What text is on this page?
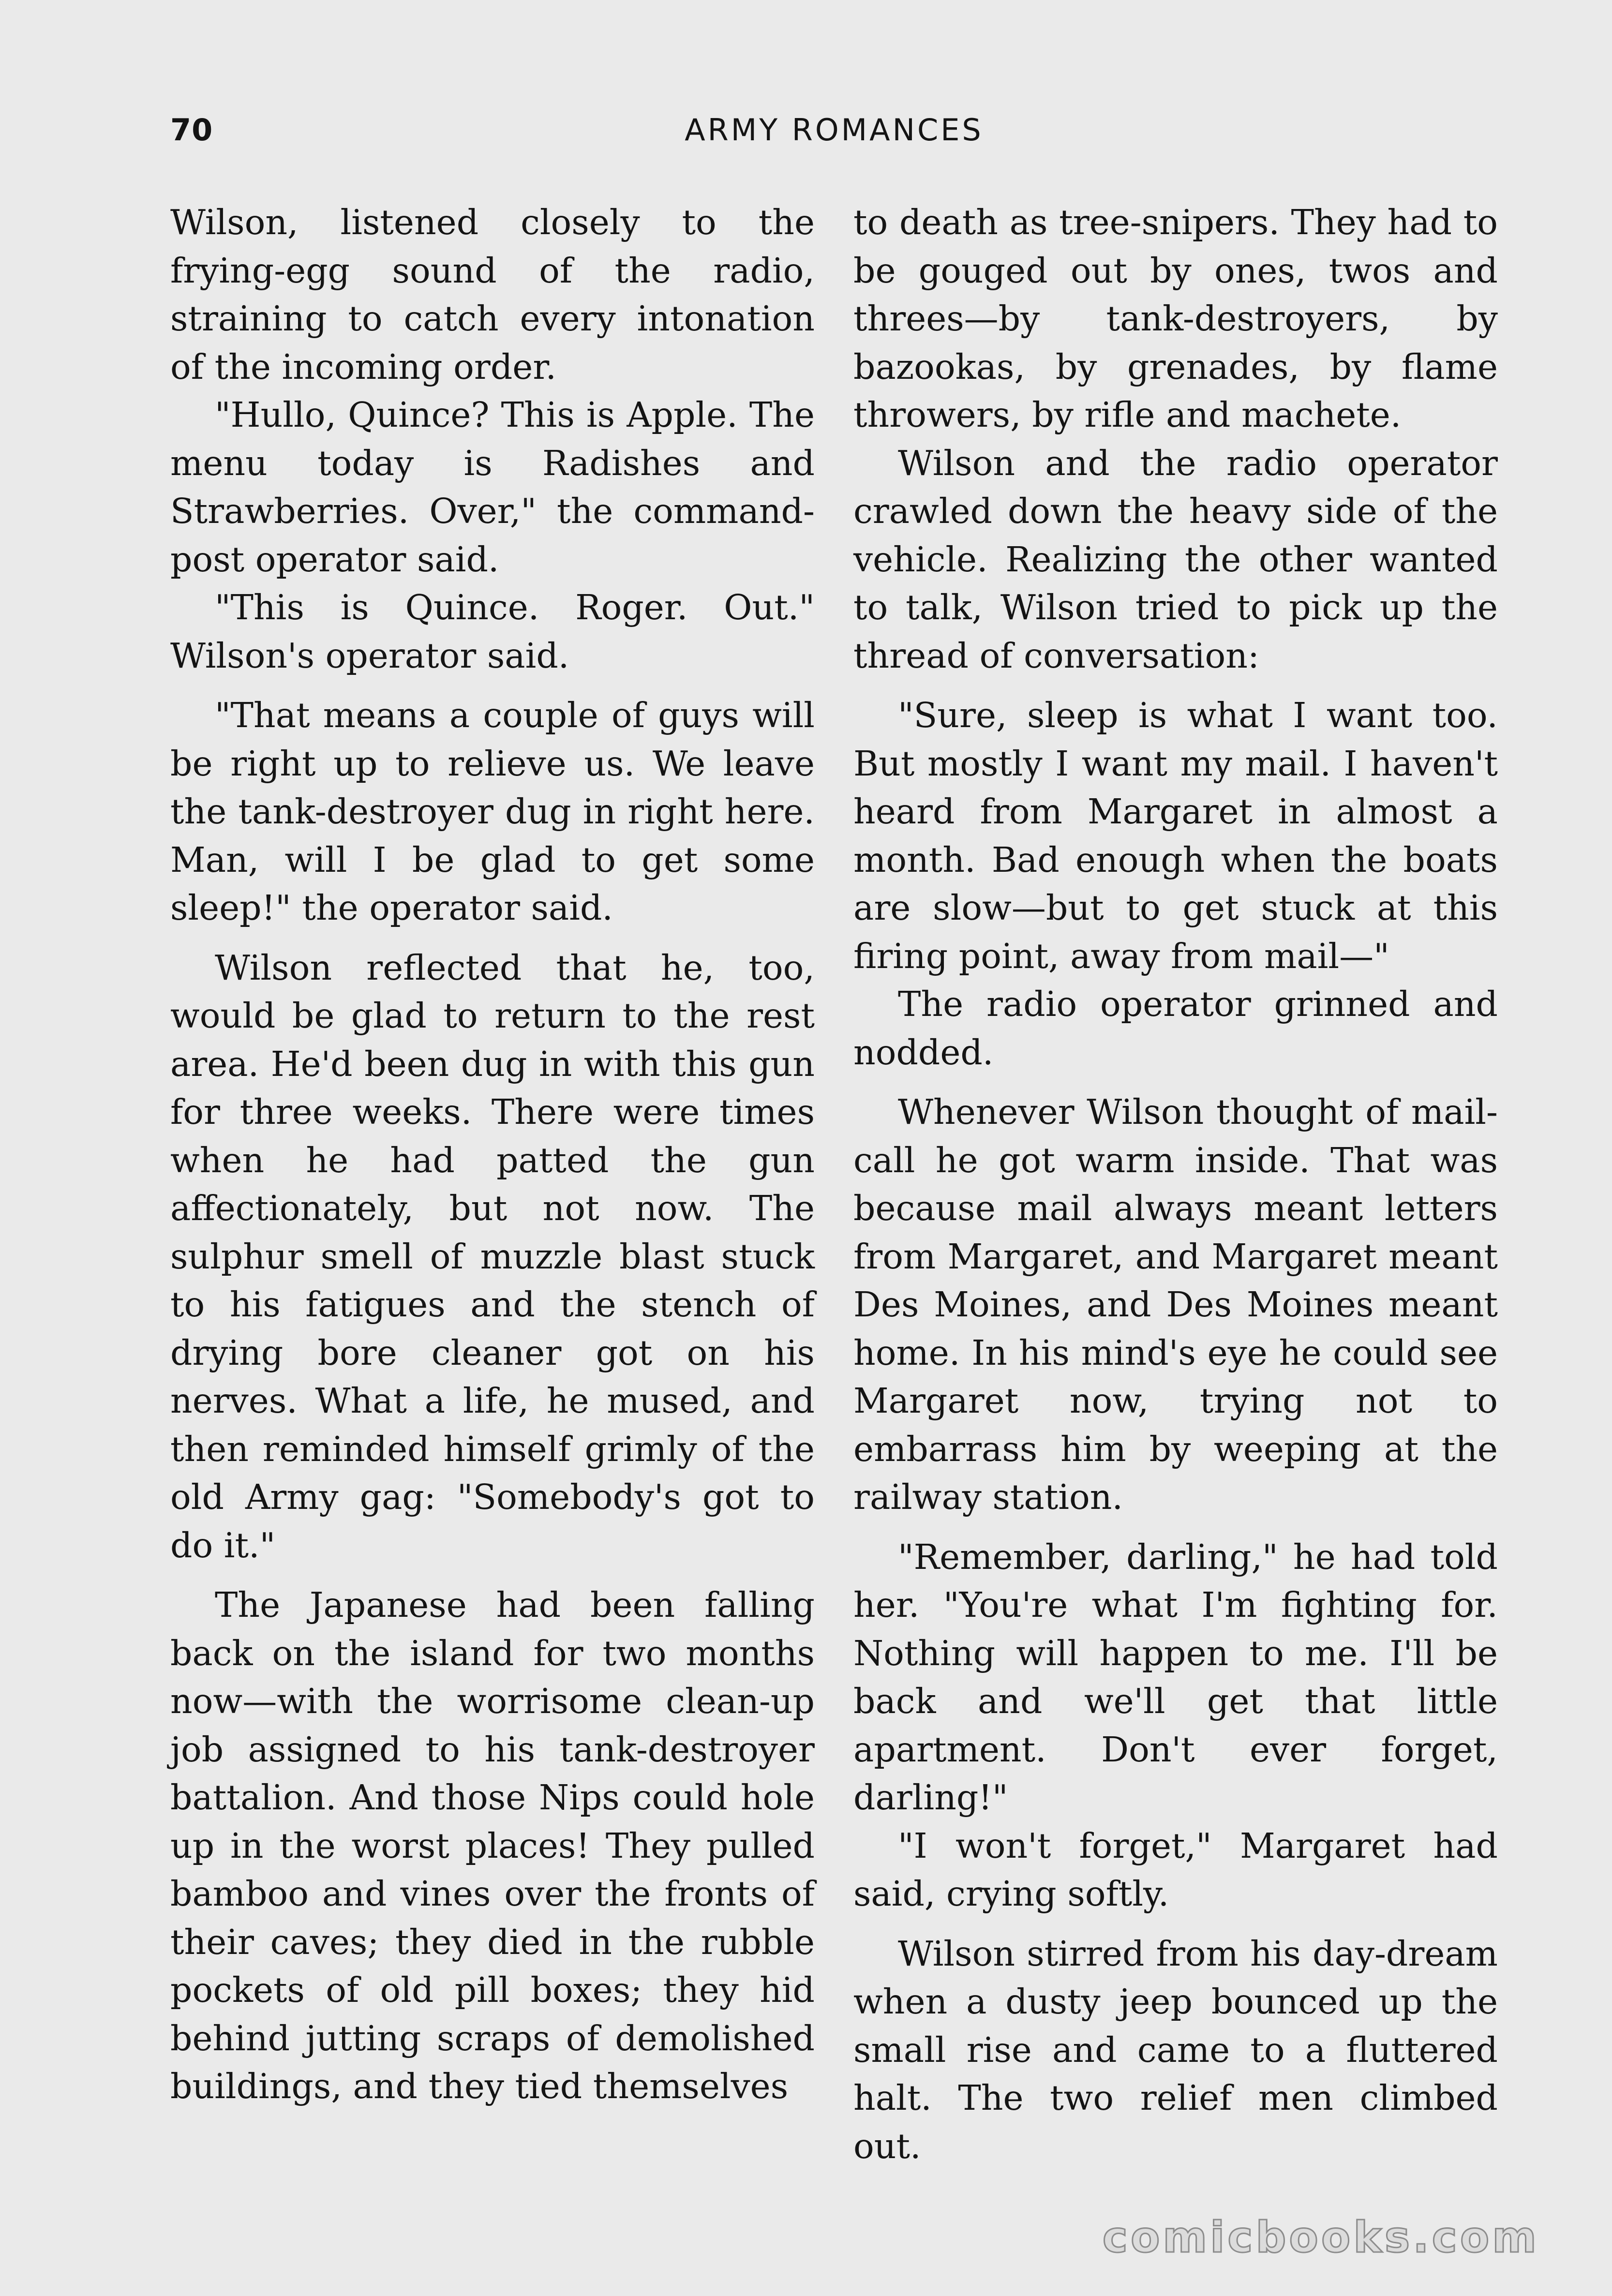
70	ARMY ROMANCES

Wilson, listened closely to the frying-egg sound of the radio, straining to catch every intonation of the incoming order.

"Hullo, Quince? This is Apple. The menu today is Radishes and Strawberries. Over," the command-post operator said.

"This is Quince. Roger. Out." Wilson's operator said.

"That means a couple of guys will be right up to relieve us. We leave the tank-destroyer dug in right here. Man, will I be glad to get some sleep!" the operator said.

Wilson reflected that he, too, would be glad to return to the rest area. He'd been dug in with this gun for three weeks. There were times when he had patted the gun affectionately, but not now. The sulphur smell of muzzle blast stuck to his fatigues and the stench of drying bore cleaner got on his nerves. What a life, he mused, and then reminded himself grimly of the old Army gag: "Somebody's got to do it."

The Japanese had been falling back on the island for two months now—with the worrisome clean-up job assigned to his tank-destroyer battalion. And those Nips could hole up in the worst places! They pulled bamboo and vines over the fronts of their caves; they died in the rubble pockets of old pill boxes; they hid behind jutting scraps of demolished buildings, and they tied themselves

to death as tree-snipers. They had to be gouged out by ones, twos and threes—by tank-destroyers, by bazookas, by grenades, by flame throwers, by rifle and machete.

Wilson and the radio operator crawled down the heavy side of the vehicle. Realizing the other wanted to talk, Wilson tried to pick up the thread of conversation:

"Sure, sleep is what I want too. But mostly I want my mail. I haven't heard from Margaret in almost a month. Bad enough when the boats are slow—but to get stuck at this firing point, away from mail—"

The radio operator grinned and nodded.

Whenever Wilson thought of mail-call he got warm inside. That was because mail always meant letters from Margaret, and Margaret meant Des Moines, and Des Moines meant home. In his mind's eye he could see Margaret now, trying not to embarrass him by weeping at the railway station.

"Remember, darling," he had told her. "You're what I'm fighting for. Nothing will happen to me. I'll be back and we'll get that little apartment. Don't ever forget, darling!"

"I won't forget," Margaret had said, crying softly.

Wilson stirred from his day-dream when a dusty jeep bounced up the small rise and came to a fluttered halt. The two relief men climbed out.

comicbooks.com
